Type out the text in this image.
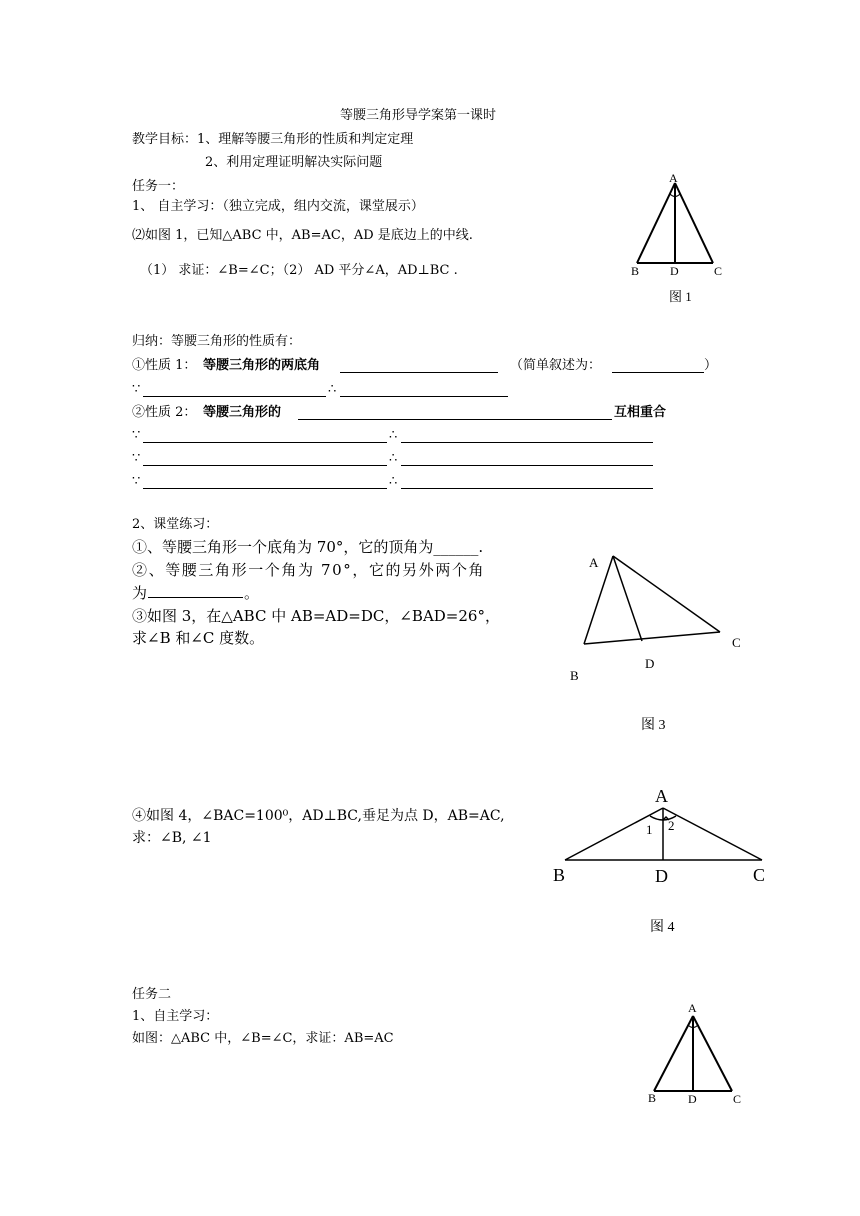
等腰三角形导学案第一课时
教学目标：1、理解等腰三角形的性质和判定定理
2、利用定理证明解决实际问题
任务一：
1、 自主学习：（独立完成，组内交流，课堂展示）
⑵如图 1，已知△ABC 中，AB=AC，AD 是底边上的中线.
（1） 求证：∠B=∠C；（2） AD 平分∠A，AD⊥BC .
A
B	D	C
图 1
归纳：等腰三角形的性质有：
①性质 1： 等腰三角形的两底角	（简单叙述为：	）
∵	∴
②性质 2： 等腰三角形的	互相重合
∵	∴
∵	∴
∵	∴
2、课堂练习：
①、等腰三角形一个底角为 70°，它的顶角为______.
②、等腰三角形一个角为 70°，它的另外两个角
为	。
③如图 3，在△ABC 中 AB=AD=DC，∠BAD=26°，
求∠B 和∠C 度数。
A
C
D
B
图 3
④如图 4，∠BAC=100⁰，AD⊥BC,垂足为点 D，AB=AC,
求：∠B, ∠1
A
1 2
B	D	C
图 4
任务二
1、自主学习：
如图：△ABC 中，∠B=∠C，求证：AB=AC
A
B	D	C
